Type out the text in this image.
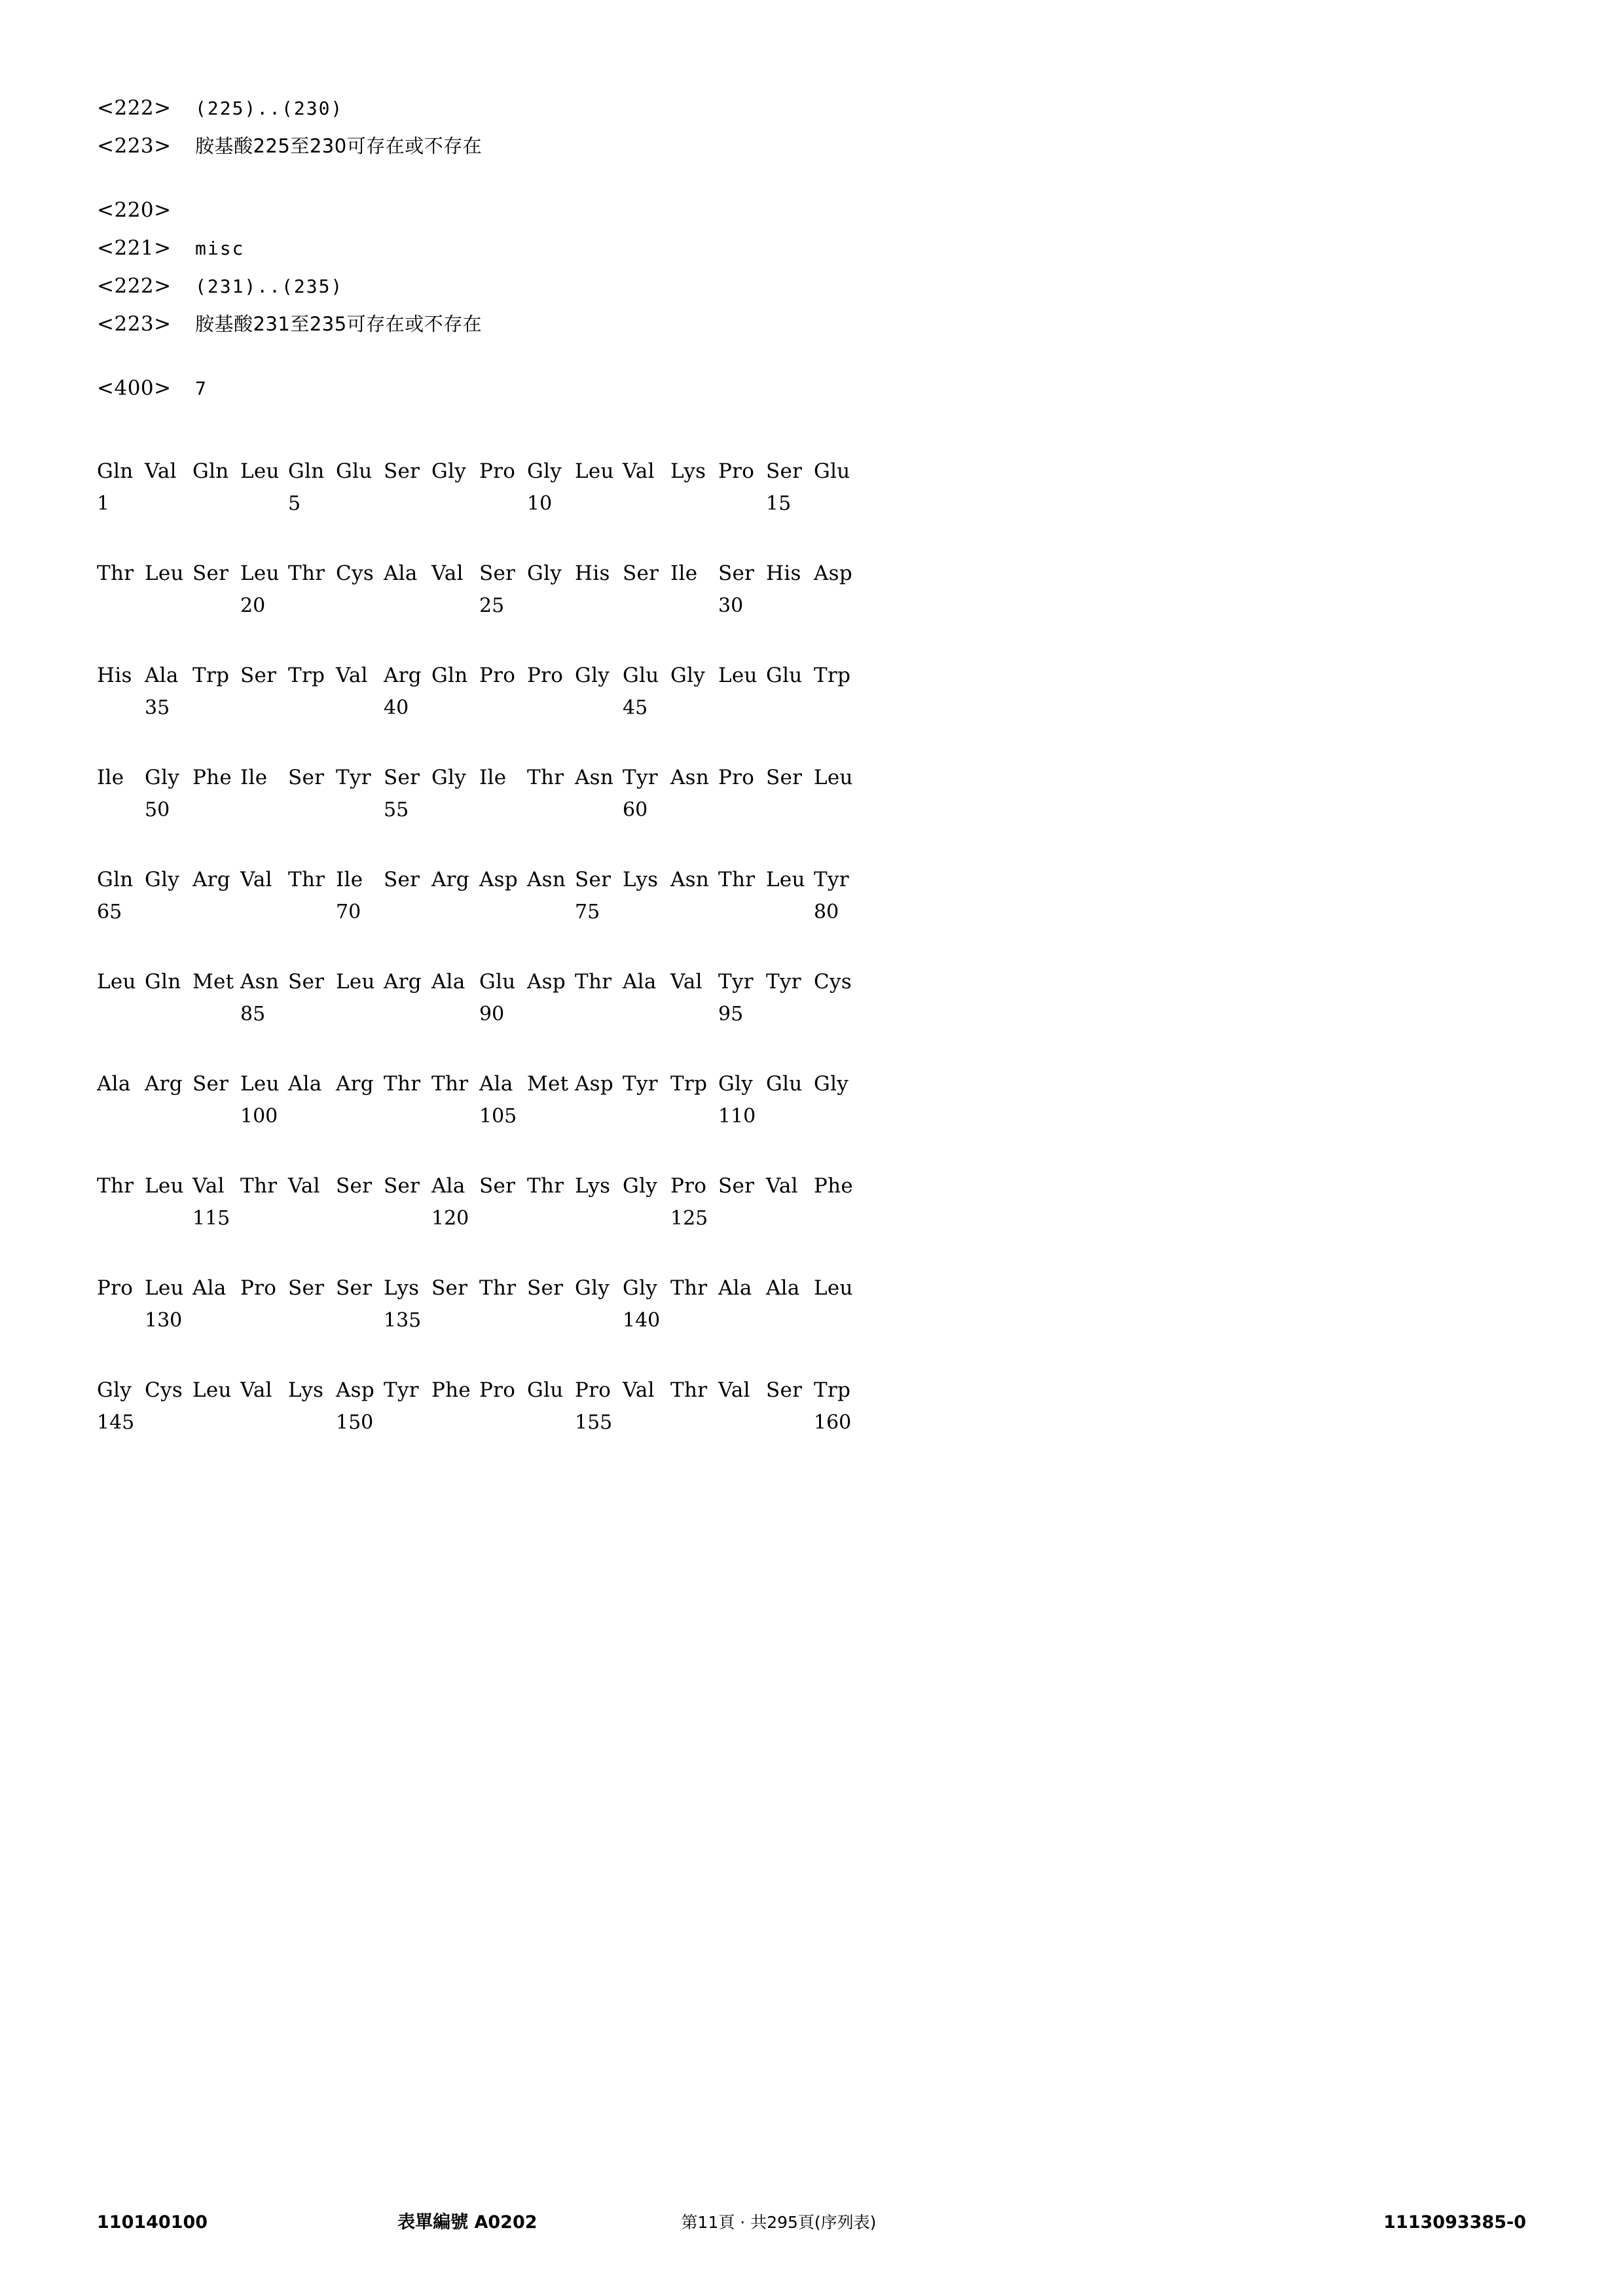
<222>	(225)..(230)
<223>	胺基酸225至230可存在或不存在
<220>
<221>	misc
<222>	(231)..(235)
<223>	胺基酸231至235可存在或不存在
<400>	7
Gln Val Gln Leu Gln Glu Ser Gly Pro Gly Leu Val Lys Pro Ser Glu
1	5	10	15
Thr Leu Ser Leu Thr Cys Ala Val Ser Gly His Ser Ile	Ser His Asp
20	25	30
His Ala Trp Ser Trp Val Arg Gln Pro Pro Gly Glu Gly Leu Glu Trp
35	40	45
Ile	Gly Phe Ile	Ser Tyr Ser Gly Ile	Thr Asn Tyr Asn Pro Ser Leu
50	55	60
Gln Gly Arg Val Thr Ile	Ser Arg Asp Asn Ser Lys Asn Thr Leu Tyr
65	70	75	80
Leu Gln Met Asn Ser Leu Arg Ala Glu Asp Thr Ala Val Tyr Tyr Cys
85	90	95
Ala Arg Ser Leu Ala Arg Thr Thr Ala Met Asp Tyr Trp Gly Glu Gly
100	105	110
Thr Leu Val Thr Val Ser Ser Ala Ser Thr Lys Gly Pro Ser Val Phe
115	120	125
Pro Leu Ala Pro Ser Ser Lys Ser Thr Ser Gly Gly Thr Ala Ala Leu
130	135	140
Gly Cys Leu Val Lys Asp Tyr Phe Pro Glu Pro Val Thr Val Ser Trp
145	150	155	160
110140100	表單編號 A0202	第11頁 · 共295頁(序列表)	1113093385-0
